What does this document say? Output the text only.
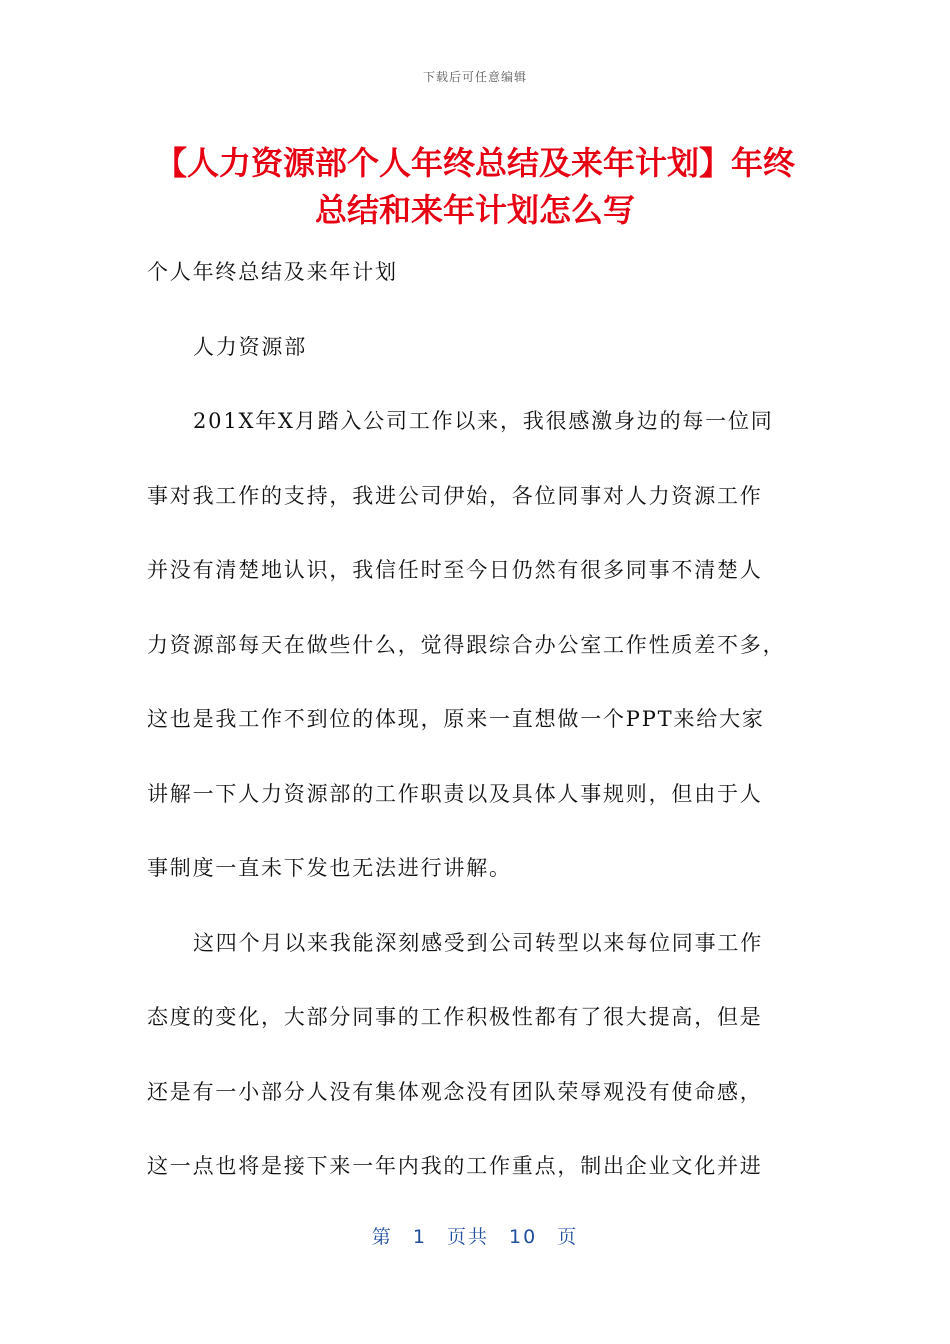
下载后可任意编辑
【人力资源部个人年终总结及来年计划】年终总结和来年计划怎么写
个人年终总结及来年计划
人力资源部
201X年X月踏入公司工作以来，我很感激身边的每一位同
事对我工作的支持，我进公司伊始，各位同事对人力资源工作
并没有清楚地认识，我信任时至今日仍然有很多同事不清楚人
力资源部每天在做些什么，觉得跟综合办公室工作性质差不多，
这也是我工作不到位的体现，原来一直想做一个PPT来给大家
讲解一下人力资源部的工作职责以及具体人事规则，但由于人
事制度一直未下发也无法进行讲解。
这四个月以来我能深刻感受到公司转型以来每位同事工作
态度的变化，大部分同事的工作积极性都有了很大提高，但是
还是有一小部分人没有集体观念没有团队荣辱观没有使命感，
这一点也将是接下来一年内我的工作重点，制出企业文化并进
第 1 页共 10 页
